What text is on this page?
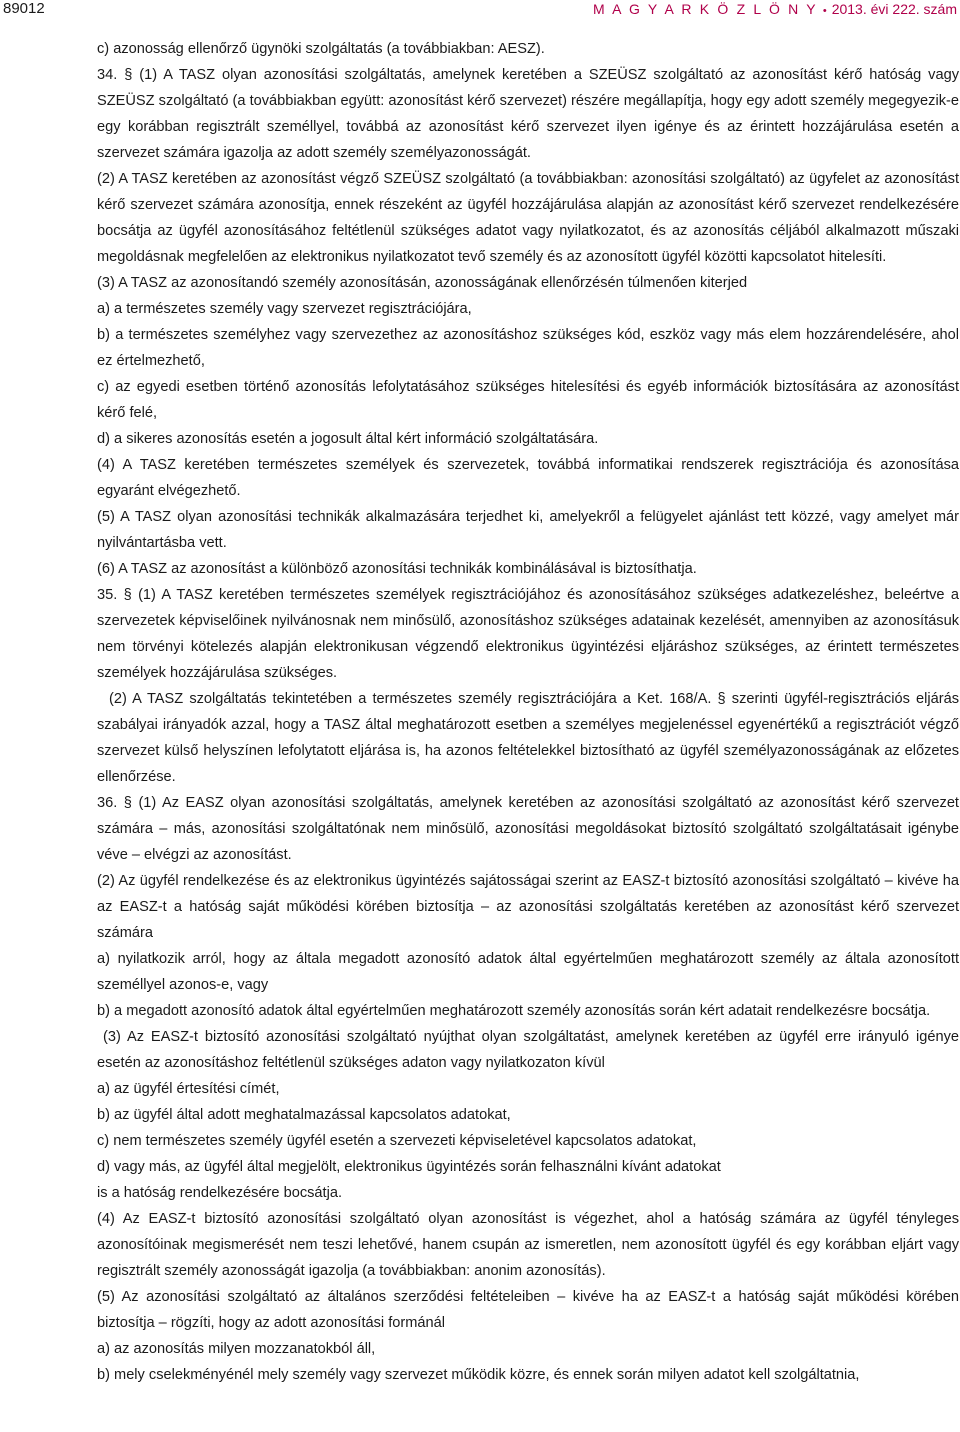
89012	M A G Y A R K Ö Z L Ö N Y • 2013. évi 222. szám

c) azonosság ellenőrző ügynöki szolgáltatás (a továbbiakban: AESZ).

34. § (1) A TASZ olyan azonosítási szolgáltatás, amelynek keretében a SZEÜSZ szolgáltató az azonosítást kérő hatóság vagy SZEÜSZ szolgáltató (a továbbiakban együtt: azonosítást kérő szervezet) részére megállapítja, hogy egy adott személy megegyezik-e egy korábban regisztrált személlyel, továbbá az azonosítást kérő szervezet ilyen igénye és az érintett hozzájárulása esetén a szervezet számára igazolja az adott személy személyazonosságát.

(2) A TASZ keretében az azonosítást végző SZEÜSZ szolgáltató (a továbbiakban: azonosítási szolgáltató) az ügyfelet az azonosítást kérő szervezet számára azonosítja, ennek részeként az ügyfél hozzájárulása alapján az azonosítást kérő szervezet rendelkezésére bocsátja az ügyfél azonosításához feltétlenül szükséges adatot vagy nyilatkozatot, és az azonosítás céljából alkalmazott műszaki megoldásnak megfelelően az elektronikus nyilatkozatot tevő személy és az azonosított ügyfél közötti kapcsolatot hitelesíti.

(3) A TASZ az azonosítandó személy azonosításán, azonosságának ellenőrzésén túlmenően kiterjed

a) a természetes személy vagy szervezet regisztrációjára,

b) a természetes személyhez vagy szervezethez az azonosításhoz szükséges kód, eszköz vagy más elem hozzárendelésére, ahol ez értelmezhető,

c) az egyedi esetben történő azonosítás lefolytatásához szükséges hitelesítési és egyéb információk biztosítására az azonosítást kérő felé,

d) a sikeres azonosítás esetén a jogosult által kért információ szolgáltatására.

(4) A TASZ keretében természetes személyek és szervezetek, továbbá informatikai rendszerek regisztrációja és azonosítása egyaránt elvégezhető.

(5) A TASZ olyan azonosítási technikák alkalmazására terjedhet ki, amelyekről a felügyelet ajánlást tett közzé, vagy amelyet már nyilvántartásba vett.

(6) A TASZ az azonosítást a különböző azonosítási technikák kombinálásával is biztosíthatja.

35. § (1) A TASZ keretében természetes személyek regisztrációjához és azonosításához szükséges adatkezeléshez, beleértve a szervezetek képviselőinek nyilvánosnak nem minősülő, azonosításhoz szükséges adatainak kezelését, amennyiben az azonosításuk nem törvényi kötelezés alapján elektronikusan végzendő elektronikus ügyintézési eljáráshoz szükséges, az érintett természetes személyek hozzájárulása szükséges.

(2) A TASZ szolgáltatás tekintetében a természetes személy regisztrációjára a Ket. 168/A. § szerinti ügyfél-regisztrációs eljárás szabályai irányadók azzal, hogy a TASZ által meghatározott esetben a személyes megjelenéssel egyenértékű a regisztrációt végző szervezet külső helyszínen lefolytatott eljárása is, ha azonos feltételekkel biztosítható az ügyfél személyazonosságának az előzetes ellenőrzése.

36. § (1) Az EASZ olyan azonosítási szolgáltatás, amelynek keretében az azonosítási szolgáltató az azonosítást kérő szervezet számára – más, azonosítási szolgáltatónak nem minősülő, azonosítási megoldásokat biztosító szolgáltató szolgáltatásait igénybe véve – elvégzi az azonosítást.

(2) Az ügyfél rendelkezése és az elektronikus ügyintézés sajátosságai szerint az EASZ-t biztosító azonosítási szolgáltató – kivéve ha az EASZ-t a hatóság saját működési körében biztosítja – az azonosítási szolgáltatás keretében az azonosítást kérő szervezet számára

a) nyilatkozik arról, hogy az általa megadott azonosító adatok által egyértelműen meghatározott személy az általa azonosított személlyel azonos-e, vagy

b) a megadott azonosító adatok által egyértelműen meghatározott személy azonosítás során kért adatait rendelkezésre bocsátja.

(3) Az EASZ-t biztosító azonosítási szolgáltató nyújthat olyan szolgáltatást, amelynek keretében az ügyfél erre irányuló igénye esetén az azonosításhoz feltétlenül szükséges adaton vagy nyilatkozaton kívül

a) az ügyfél értesítési címét,

b) az ügyfél által adott meghatalmazással kapcsolatos adatokat,

c) nem természetes személy ügyfél esetén a szervezeti képviseletével kapcsolatos adatokat,

d) vagy más, az ügyfél által megjelölt, elektronikus ügyintézés során felhasználni kívánt adatokat

is a hatóság rendelkezésére bocsátja.

(4) Az EASZ-t biztosító azonosítási szolgáltató olyan azonosítást is végezhet, ahol a hatóság számára az ügyfél tényleges azonosítóinak megismerését nem teszi lehetővé, hanem csupán az ismeretlen, nem azonosított ügyfél és egy korábban eljárt vagy regisztrált személy azonosságát igazolja (a továbbiakban: anonim azonosítás).

(5) Az azonosítási szolgáltató az általános szerződési feltételeiben – kivéve ha az EASZ-t a hatóság saját működési körében biztosítja – rögzíti, hogy az adott azonosítási formánál

a) az azonosítás milyen mozzanatokból áll,

b) mely cselekményénél mely személy vagy szervezet működik közre, és ennek során milyen adatot kell szolgáltatnia,
